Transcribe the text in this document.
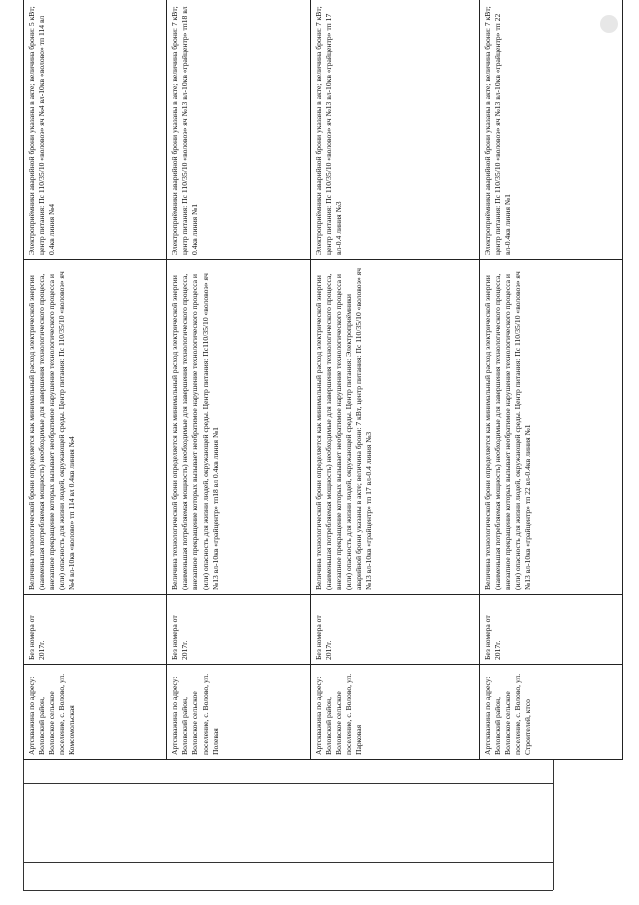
Артскважина по адресу: Воловский район, Воловское сельское поселение, с. Волово, ул. Комсомольская	Без номера от 2017г.	Величина технологической брони определяется как минимальный расход электрической энергии (наименьшая потребляемая мощность) необходимые для завершения технологического процесса, внезапное прекращение которых вызывает необратимое нарушение технологического процесса и (или) опасность для жизни людей, окружающей среды. Центр питания: Пс 110/35/10 «воловоэ» яч №4 вл-10кв «волово» тп 114 вл 0.4кв линия №4	Электроприёмники аварийной брони указаны в акте; величина брони: 5 кВт; центр питания: Пс 110/35/10 «воловоэ» яч №4 вл-10кв «волово» тп 114 вл 0.4кв линия №4
Артскважина по адресу: Воловский район, Воловское сельское поселение, с. Волово, ул. Полевая	Без номера от 2017г.	Величина технологической брони определяется как минимальный расход электрической энергии (наименьшая потребляемая мощность) необходимые для завершения технологического процесса, внезапное прекращение которых вызывает необратимое нарушение технологического процесса и (или) опасность для жизни людей, окружающей среды. Центр питания: Пс110/35/10 «воловоэ» яч №13 вл-10кв «грайцентр» тп18 вл 0.4кв линия №1	Электроприёмники аварийной брони указаны в акте; величина брони: 7 кВт; центр питания: Пс 110/35/10 «воловоэ» яч №13 вл-10кв «грайцентр» тп18 вл 0.4кв линия №1
Артскважина по адресу: Воловский район, Воловское сельское поселение, с. Волово, ул. Парковая	Без номера от 2017г.	Величина технологической брони определяется как минимальный расход электрической энергии (наименьшая потребляемая мощность) необходимые для завершения технологического процесса, внезапное прекращение которых вызывает необратимое нарушение технологического процесса и (или) опасность для жизни людей, окружающей среды. Центр питания: Электроприёмники аварийной брони указаны в акте; величина брони: 7 кВт, центр питания: Пс 110/35/10 «воловоэ» яч №13 вл-10кв «грайцентр» тп 17 вл-0.4 линия №3	Электроприёмники аварийной брони указаны в акте; величина брони: 7 кВт; центр питания: Пс 110/35/10 «воловоэ» яч №13 вл-10кв «грайцентр» тп 17 вл-0.4 линия №3
Артскважина по адресу: Воловский район, Воловское сельское поселение, с. Волово, ул. Строителей, ктсо	Без номера от 2017г.	Величина технологической брони определяется как минимальный расход электрической энергии (наименьшая потребляемая мощность) необходимые для завершения технологического процесса, внезапное прекращение которых вызывает необратимое нарушение технологического процесса и (или) опасность для жизни людей, окружающей среды. Центр питания: Пс 110/35/10 «воловоэ» яч №13 вл-10кв «грайцентр» тп 22 вл-0.4кв линия №1	Электроприёмники аварийной брони указаны в акте; величина брони: 7 кВт; центр питания: Пс 110/35/10 «воловоэ» яч №13 вл-10кв «грайцентр» тп 22 вл-0.4кв линия №1
